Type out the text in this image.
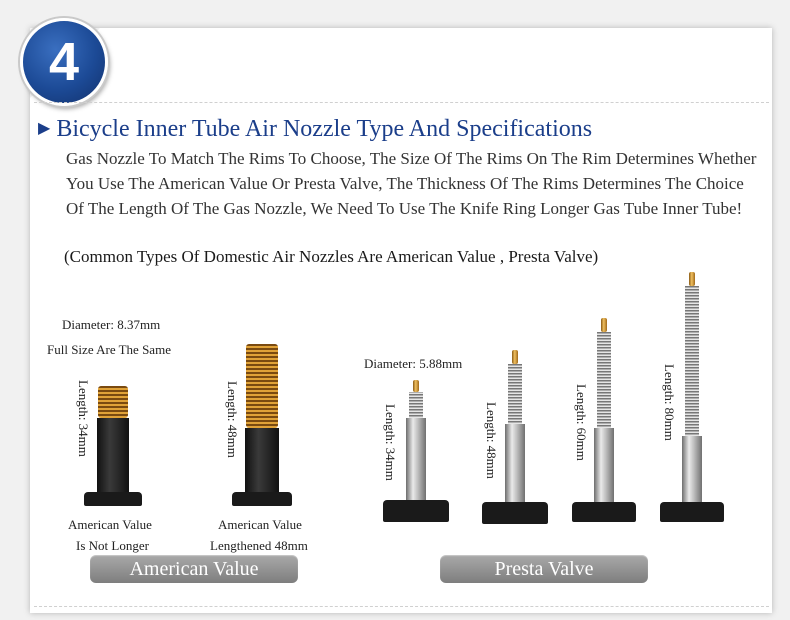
4
▶ Bicycle Inner Tube Air Nozzle Type And Specifications
Gas Nozzle To Match The Rims To Choose, The Size Of The Rims On The Rim Determines Whether You Use The American Value Or Presta Valve, The Thickness Of The Rims Determines The Choice Of The Length Of The Gas Nozzle, We Need To Use The Knife Ring Longer Gas Tube Inner Tube!
(Common Types Of Domestic Air Nozzles Are American Value , Presta Valve)
Diameter: 8.37mm
Full Size Are The Same
Length: 34mm	Length: 48mm
American Value
Is Not Longer
American Value
Lengthened 48mm
American Value
Diameter: 5.88mm
Length: 34mm	Length: 48mm	Length: 60mm	Length: 80mm
Presta Valve
